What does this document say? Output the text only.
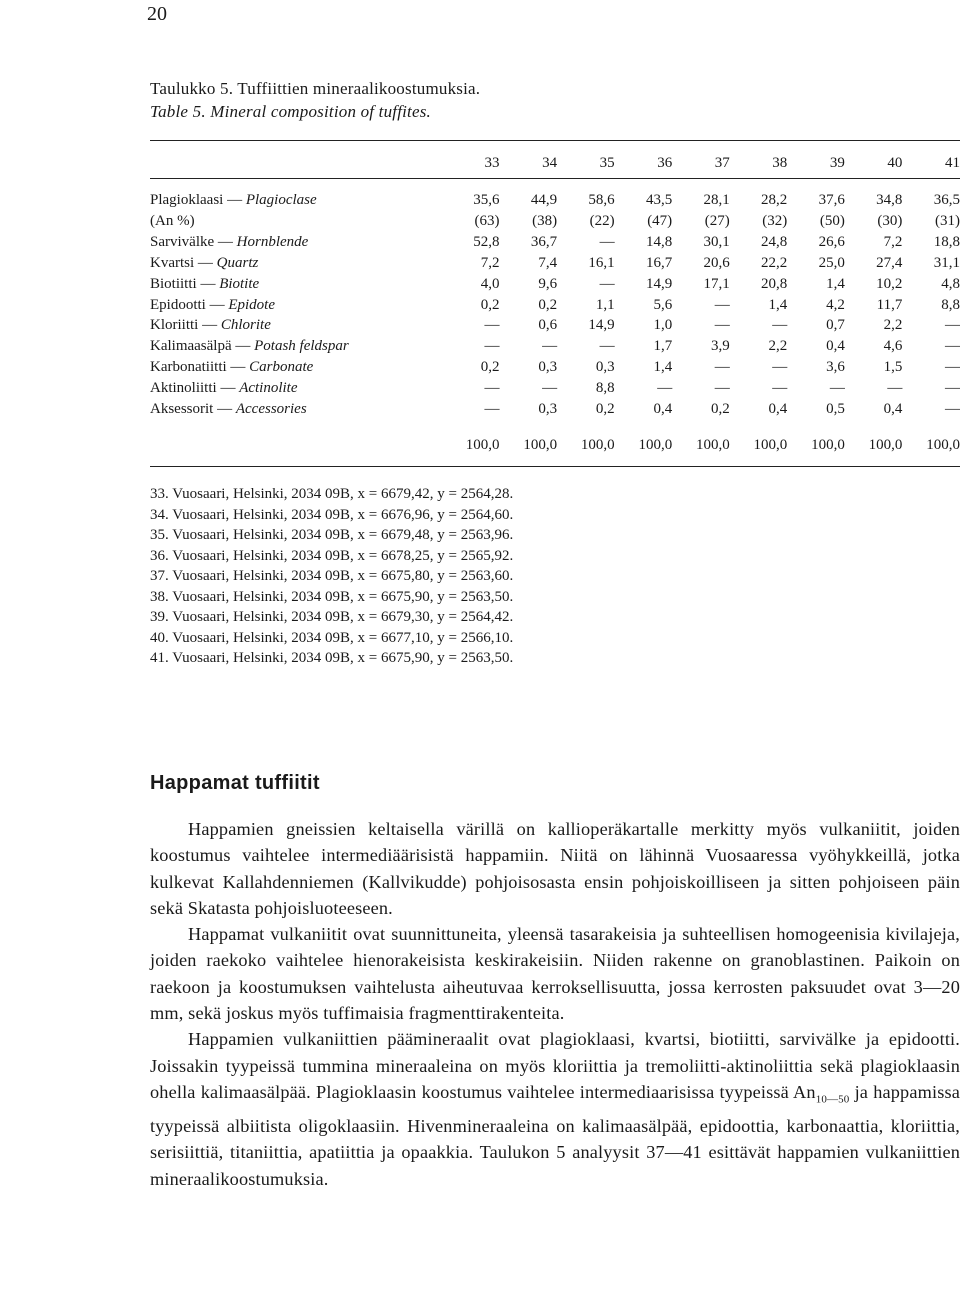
20
Taulukko 5. Tuffiittien mineraalikoostumuksia.
Table 5. Mineral composition of tuffites.
	33	34	35	36	37	38	39	40	41

Plagioklaasi — Plagioclase	35,6	44,9	58,6	43,5	28,1	28,2	37,6	34,8	36,5
(An %)	(63)	(38)	(22)	(47)	(27)	(32)	(50)	(30)	(31)
Sarvivälke — Hornblende	52,8	36,7	—	14,8	30,1	24,8	26,6	7,2	18,8
Kvartsi — Quartz	7,2	7,4	16,1	16,7	20,6	22,2	25,0	27,4	31,1
Biotiitti — Biotite	4,0	9,6	—	14,9	17,1	20,8	1,4	10,2	4,8
Epidootti — Epidote	0,2	0,2	1,1	5,6	—	1,4	4,2	11,7	8,8
Kloriitti — Chlorite	—	0,6	14,9	1,0	—	—	0,7	2,2	—
Kalimaasälpä — Potash feldspar	—	—	—	1,7	3,9	2,2	0,4	4,6	—
Karbonatiitti — Carbonate	0,2	0,3	0,3	1,4	—	—	3,6	1,5	—
Aktinoliitti — Actinolite	—	—	8,8	—	—	—	—	—	—
Aksessorit — Accessories	—	0,3	0,2	0,4	0,2	0,4	0,5	0,4	—

	100,0	100,0	100,0	100,0	100,0	100,0	100,0	100,0	100,0
33. Vuosaari, Helsinki, 2034 09B, x = 6679,42, y = 2564,28.
34. Vuosaari, Helsinki, 2034 09B, x = 6676,96, y = 2564,60.
35. Vuosaari, Helsinki, 2034 09B, x = 6679,48, y = 2563,96.
36. Vuosaari, Helsinki, 2034 09B, x = 6678,25, y = 2565,92.
37. Vuosaari, Helsinki, 2034 09B, x = 6675,80, y = 2563,60.
38. Vuosaari, Helsinki, 2034 09B, x = 6675,90, y = 2563,50.
39. Vuosaari, Helsinki, 2034 09B, x = 6679,30, y = 2564,42.
40. Vuosaari, Helsinki, 2034 09B, x = 6677,10, y = 2566,10.
41. Vuosaari, Helsinki, 2034 09B, x = 6675,90, y = 2563,50.
Happamat tuffiitit

Happamien gneissien keltaisella värillä on kallioperäkartalle merkitty myös vulkaniitit, joiden koostumus vaihtelee intermediäärisistä happamiin. Niitä on lähinnä Vuosaaressa vyöhykkeillä, jotka kulkevat Kallahdenniemen (Kallvikudde) pohjoisosasta ensin pohjoiskoilliseen ja sitten pohjoiseen päin sekä Skatasta pohjoisluoteeseen.

Happamat vulkaniitit ovat suunnittuneita, yleensä tasarakeisia ja suhteellisen homogeenisia kivilajeja, joiden raekoko vaihtelee hienorakeisista keskirakeisiin. Niiden rakenne on granoblastinen. Paikoin on raekoon ja koostumuksen vaihtelusta aiheutuvaa kerroksellisuutta, jossa kerrosten paksuudet ovat 3—20 mm, sekä joskus myös tuffimaisia fragmenttirakenteita.

Happamien vulkaniittien päämineraalit ovat plagioklaasi, kvartsi, biotiitti, sarvivälke ja epidootti. Joissakin tyypeissä tummina mineraaleina on myös kloriittia ja tremoliitti-aktinoliittia sekä plagioklaasin ohella kalimaasälpää. Plagioklaasin koostumus vaihtelee intermediaarisissa tyypeissä $An_{10—50}$ ja happamissa tyypeissä albiitista oligoklaasiin. Hivenmineraaleina on kalimaasälpää, epidoottia, karbonaattia, kloriittia, serisiittiä, titaniittia, apatiittia ja opaakkia. Taulukon 5 analyysit 37—41 esittävät happamien vulkaniittien mineraalikoostumuksia.
